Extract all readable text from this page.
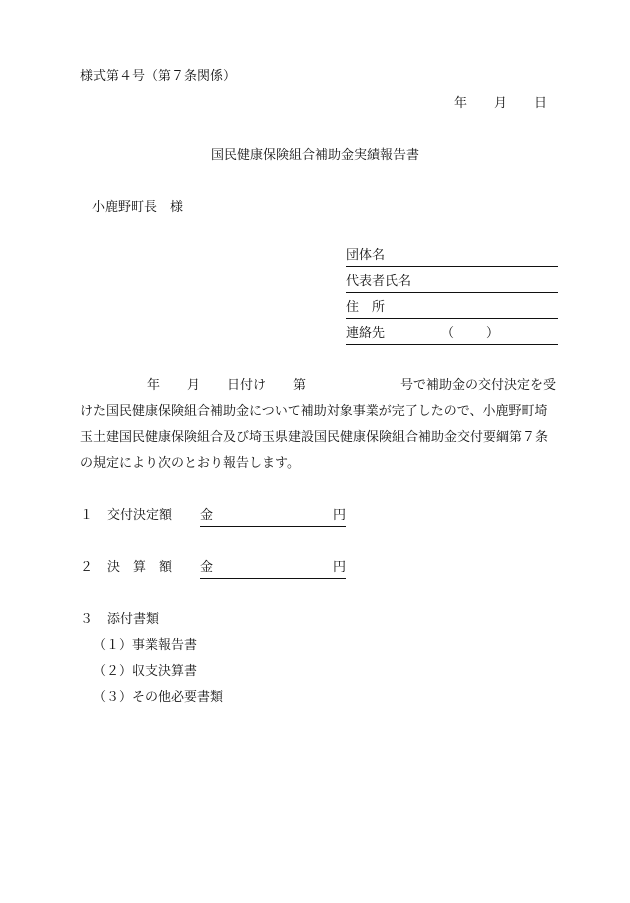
様式第４号（第７条関係）
年 月 日
国民健康保険組合補助金実績報告書
小鹿野町長　様
団体名
代表者氏名
住　所
連絡先	（ ）
年 月 日付け 第	号で補助金の交付決定を受
けた国民健康保険組合補助金について補助対象事業が完了したので、小鹿野町埼
玉土建国民健康保険組合及び埼玉県建設国民健康保険組合補助金交付要綱第７条
の規定により次のとおり報告します。
１ 交付決定額 金	円
２ 決　算　額 金	円
３ 添付書類
（１）事業報告書
（２）収支決算書
（３）その他必要書類
